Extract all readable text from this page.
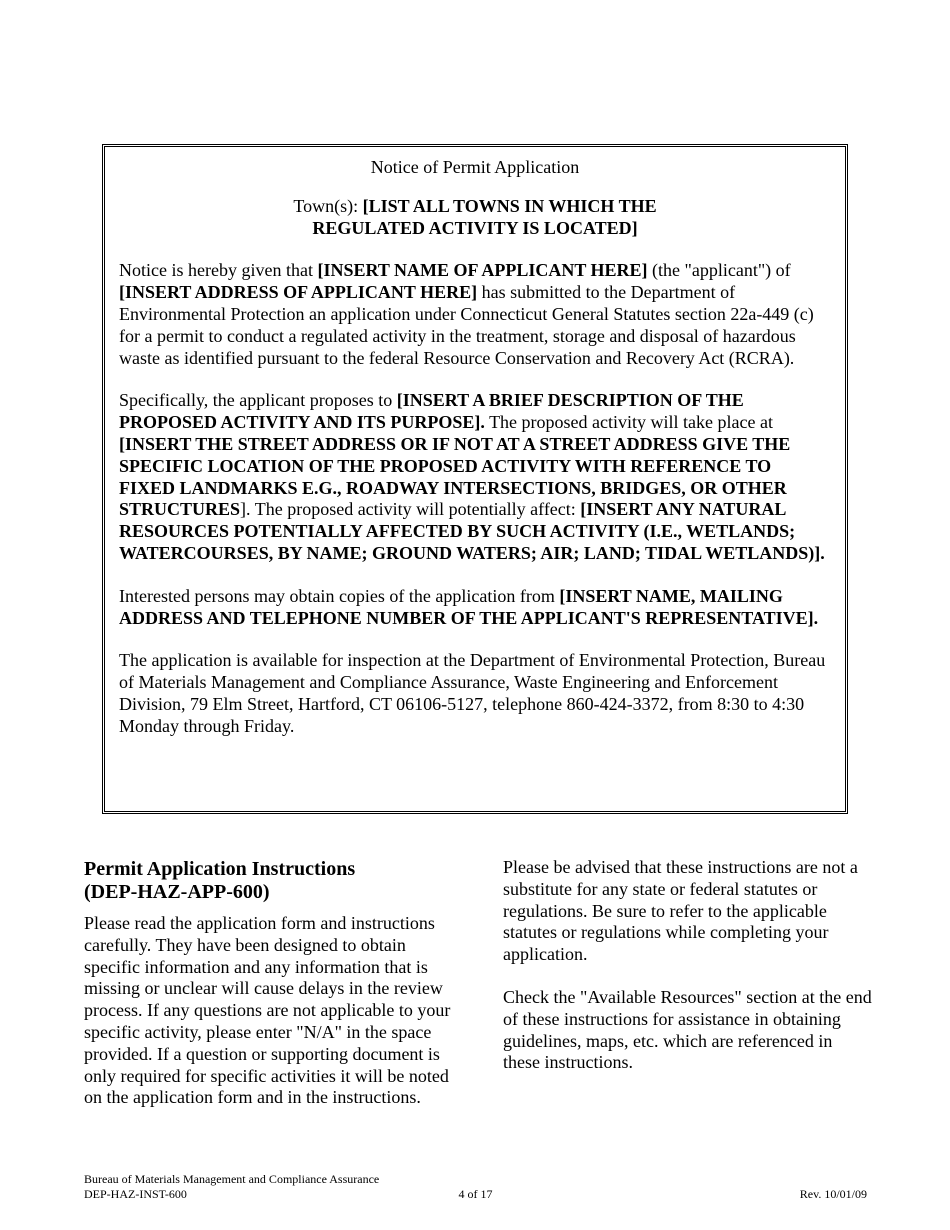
Notice of Permit Application
Town(s): [LIST ALL TOWNS IN WHICH THE
REGULATED ACTIVITY IS LOCATED]
Notice is hereby given that [INSERT NAME OF APPLICANT HERE] (the "applicant") of [INSERT ADDRESS OF APPLICANT HERE] has submitted to the Department of Environmental Protection an application under Connecticut General Statutes section 22a-449 (c) for a permit to conduct a regulated activity in the treatment, storage and disposal of hazardous waste as identified pursuant to the federal Resource Conservation and Recovery Act (RCRA).
Specifically, the applicant proposes to [INSERT A BRIEF DESCRIPTION OF THE PROPOSED ACTIVITY AND ITS PURPOSE]. The proposed activity will take place at [INSERT THE STREET ADDRESS OR IF NOT AT A STREET ADDRESS GIVE THE SPECIFIC LOCATION OF THE PROPOSED ACTIVITY WITH REFERENCE TO FIXED LANDMARKS E.G., ROADWAY INTERSECTIONS, BRIDGES, OR OTHER STRUCTURES]. The proposed activity will potentially affect: [INSERT ANY NATURAL RESOURCES POTENTIALLY AFFECTED BY SUCH ACTIVITY (I.E., WETLANDS; WATERCOURSES, BY NAME; GROUND WATERS; AIR; LAND; TIDAL WETLANDS)].
Interested persons may obtain copies of the application from [INSERT NAME, MAILING ADDRESS AND TELEPHONE NUMBER OF THE APPLICANT'S REPRESENTATIVE].
The application is available for inspection at the Department of Environmental Protection, Bureau of Materials Management and Compliance Assurance, Waste Engineering and Enforcement Division, 79 Elm Street, Hartford, CT 06106-5127, telephone 860-424-3372, from 8:30 to 4:30 Monday through Friday.
Permit Application Instructions
(DEP-HAZ-APP-600)
Please read the application form and instructions carefully. They have been designed to obtain specific information and any information that is missing or unclear will cause delays in the review process. If any questions are not applicable to your specific activity, please enter "N/A" in the space provided. If a question or supporting document is only required for specific activities it will be noted on the application form and in the instructions.
Please be advised that these instructions are not a substitute for any state or federal statutes or regulations. Be sure to refer to the applicable statutes or regulations while completing your application.
Check the "Available Resources" section at the end of these instructions for assistance in obtaining guidelines, maps, etc. which are referenced in these instructions.
Bureau of Materials Management and Compliance Assurance
DEP-HAZ-INST-600	4 of 17	Rev. 10/01/09
